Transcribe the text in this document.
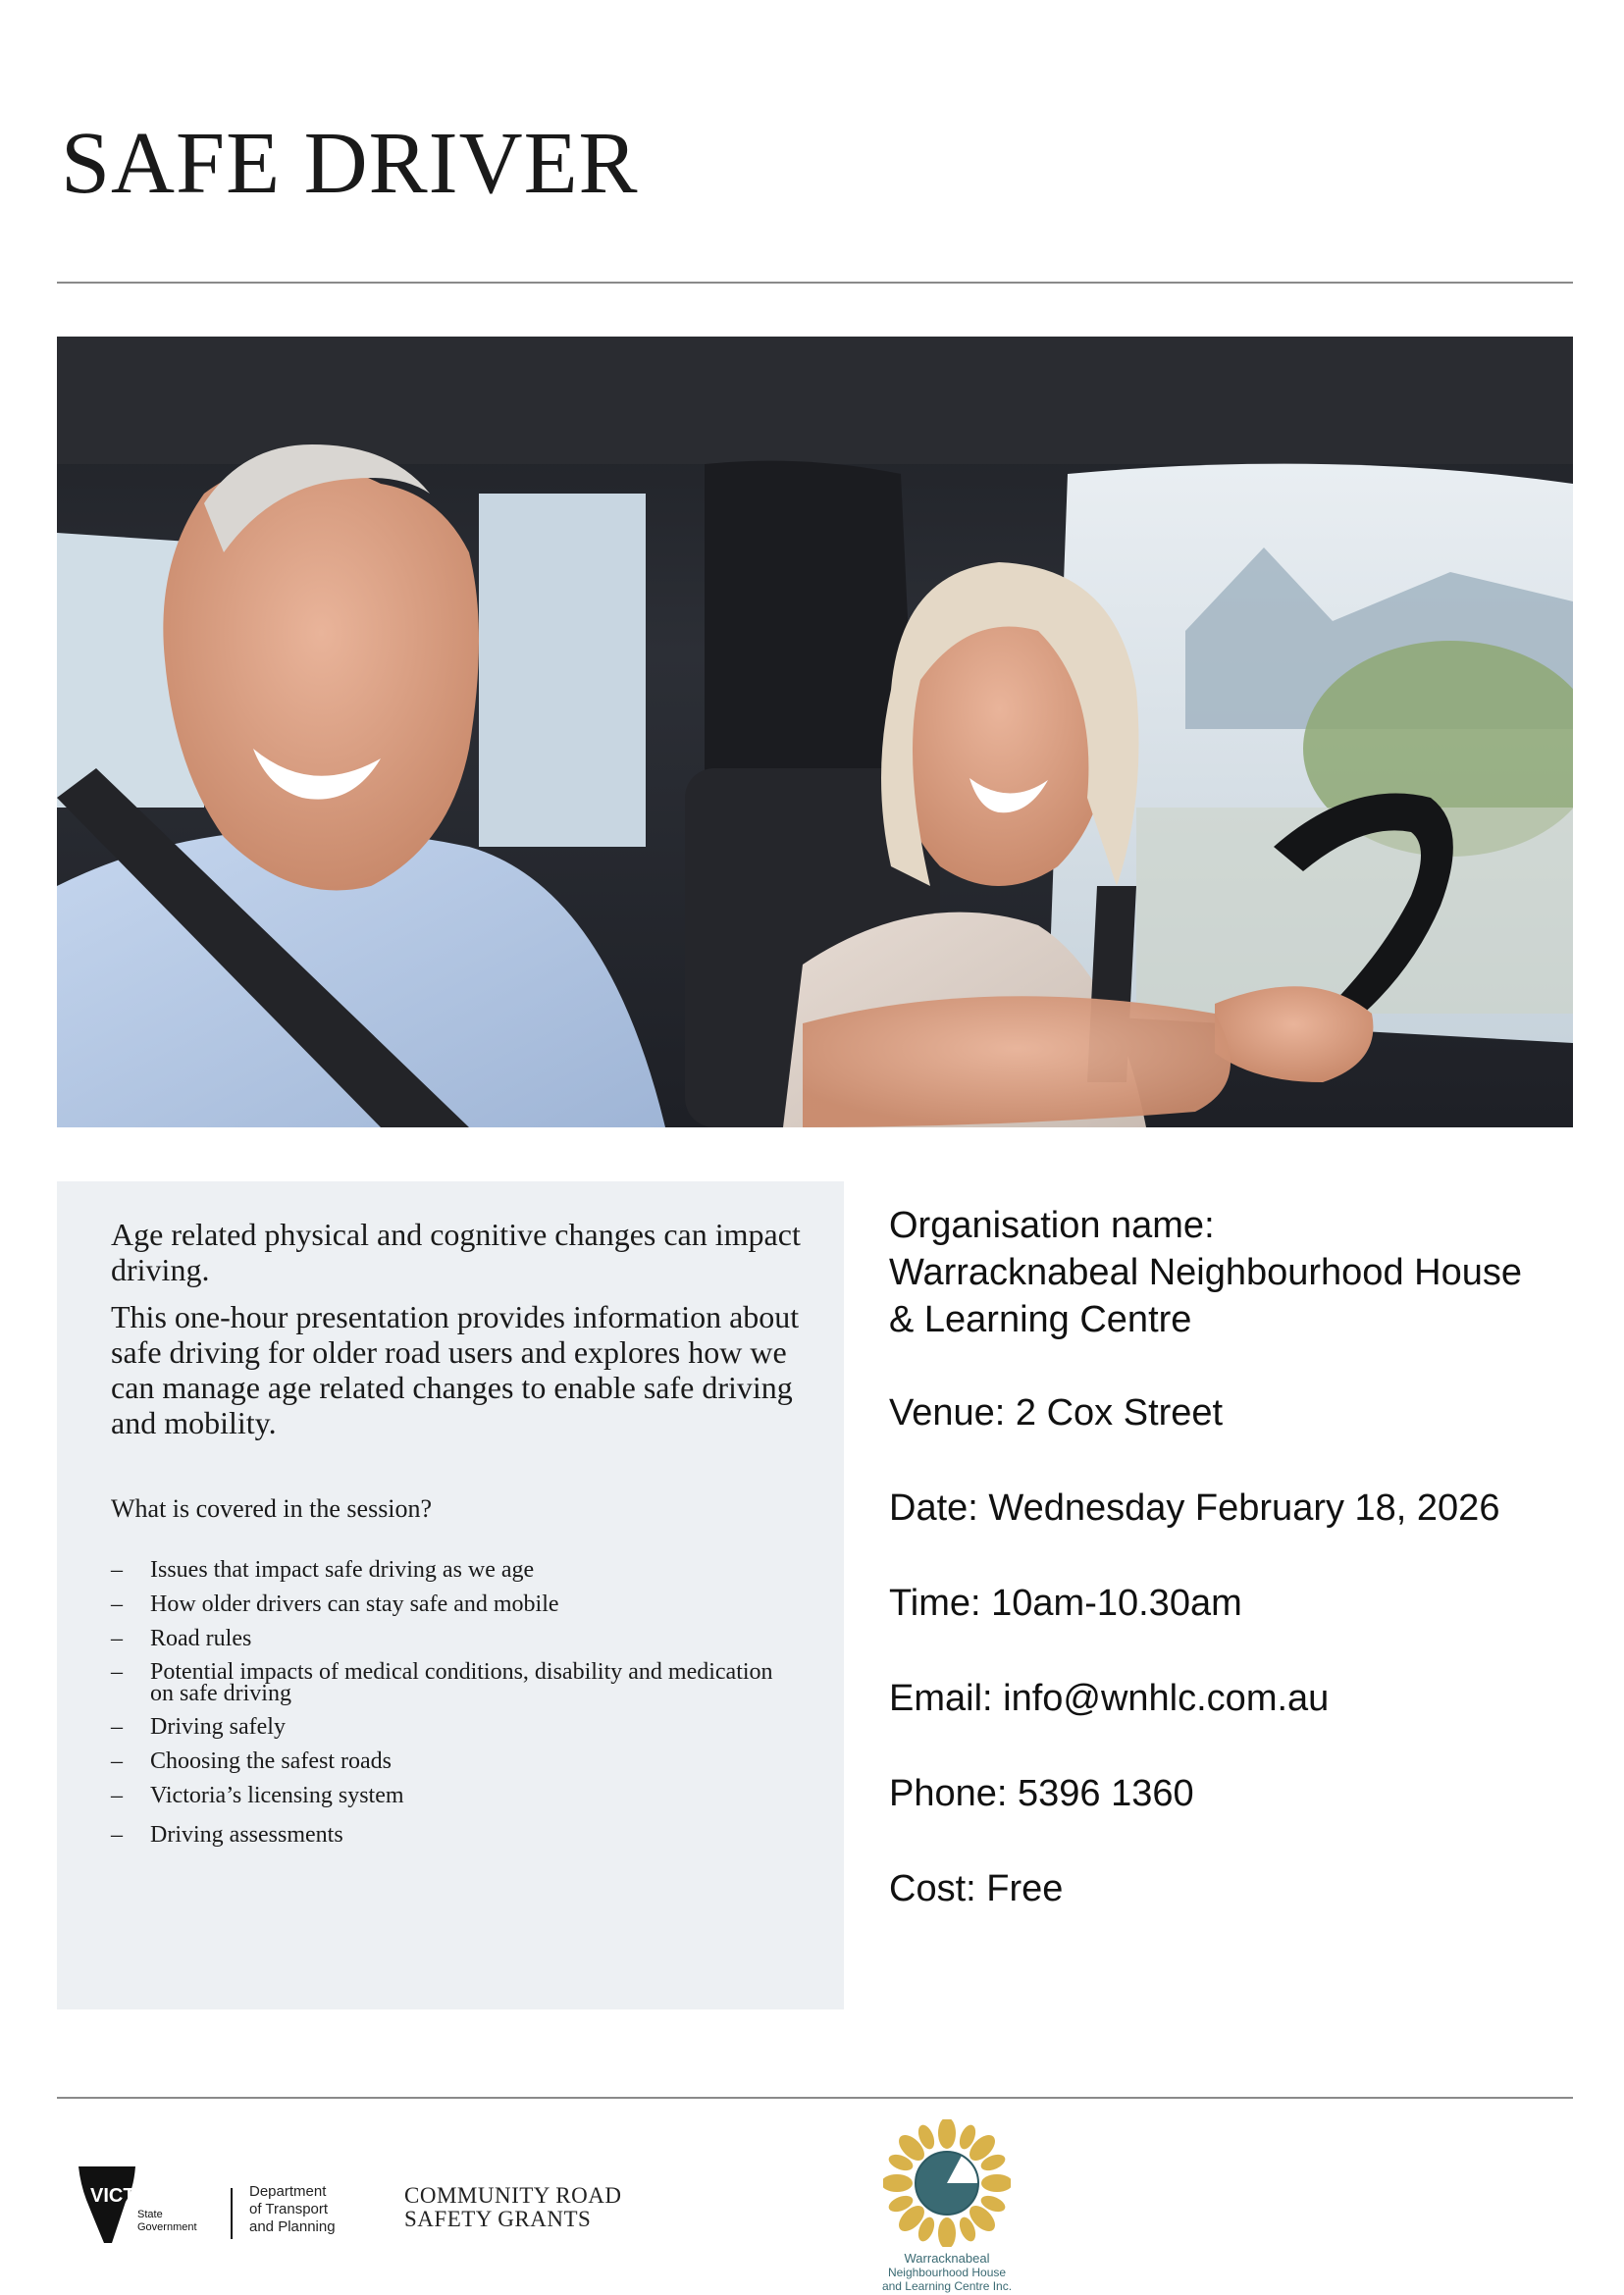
SAFE DRIVER

Age related physical and cognitive changes can impact driving.

This one-hour presentation provides information about safe driving for older road users and explores how we can manage age related changes to enable safe driving and mobility.

What is covered in the session?

– Issues that impact safe driving as we age
– How older drivers can stay safe and mobile
– Road rules
– Potential impacts of medical conditions, disability and medication on safe driving
– Driving safely
– Choosing the safest roads
– Victoria’s licensing system
– Driving assessments
Organisation name:
Warracknabeal Neighbourhood House & Learning Centre
Venue: 2 Cox Street
Date: Wednesday February 18, 2026
Time: 10am-10.30am
Email: info@wnhlc.com.au
Phone: 5396 1360
Cost: Free
VICTORIA
State
Government
Department
of Transport
and Planning
COMMUNITY ROAD
SAFETY GRANTS
Warracknabeal
Neighbourhood House
and Learning Centre Inc.
